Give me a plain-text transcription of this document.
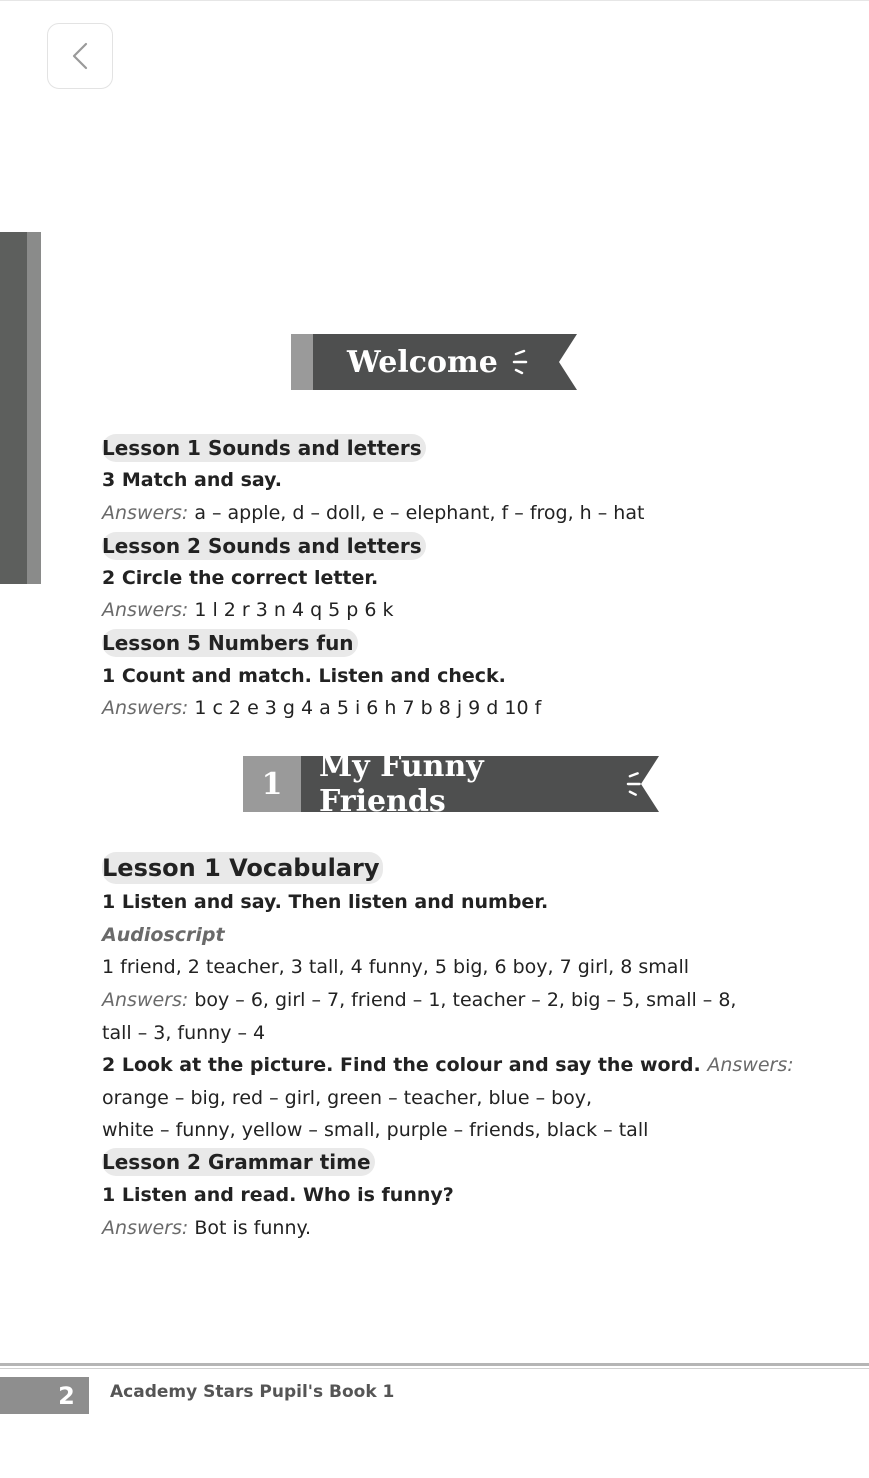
Welcome
1	My Funny Friends
Lesson 1 Sounds and letters
3 Match and say.
Answers: a – apple, d – doll, e – elephant, f – frog, h – hat
Lesson 2 Sounds and letters
2 Circle the correct letter.
Answers: 1 l 2 r 3 n 4 q 5 p 6 k
Lesson 5 Numbers fun
1 Count and match. Listen and check.
Answers: 1 c 2 e 3 g 4 a 5 i 6 h 7 b 8 j 9 d 10 f
Lesson 1 Vocabulary
1 Listen and say. Then listen and number.
Audioscript
1 friend, 2 teacher, 3 tall, 4 funny, 5 big, 6 boy, 7 girl, 8 small
Answers: boy – 6, girl – 7, friend – 1, teacher – 2, big – 5, small – 8,
tall – 3, funny – 4
2 Look at the picture. Find the colour and say the word. Answers:
orange – big, red – girl, green – teacher, blue – boy,
white – funny, yellow – small, purple – friends, black – tall
Lesson 2 Grammar time
1 Listen and read. Who is funny?
Answers: Bot is funny.
2	Academy Stars Pupil's Book 1
